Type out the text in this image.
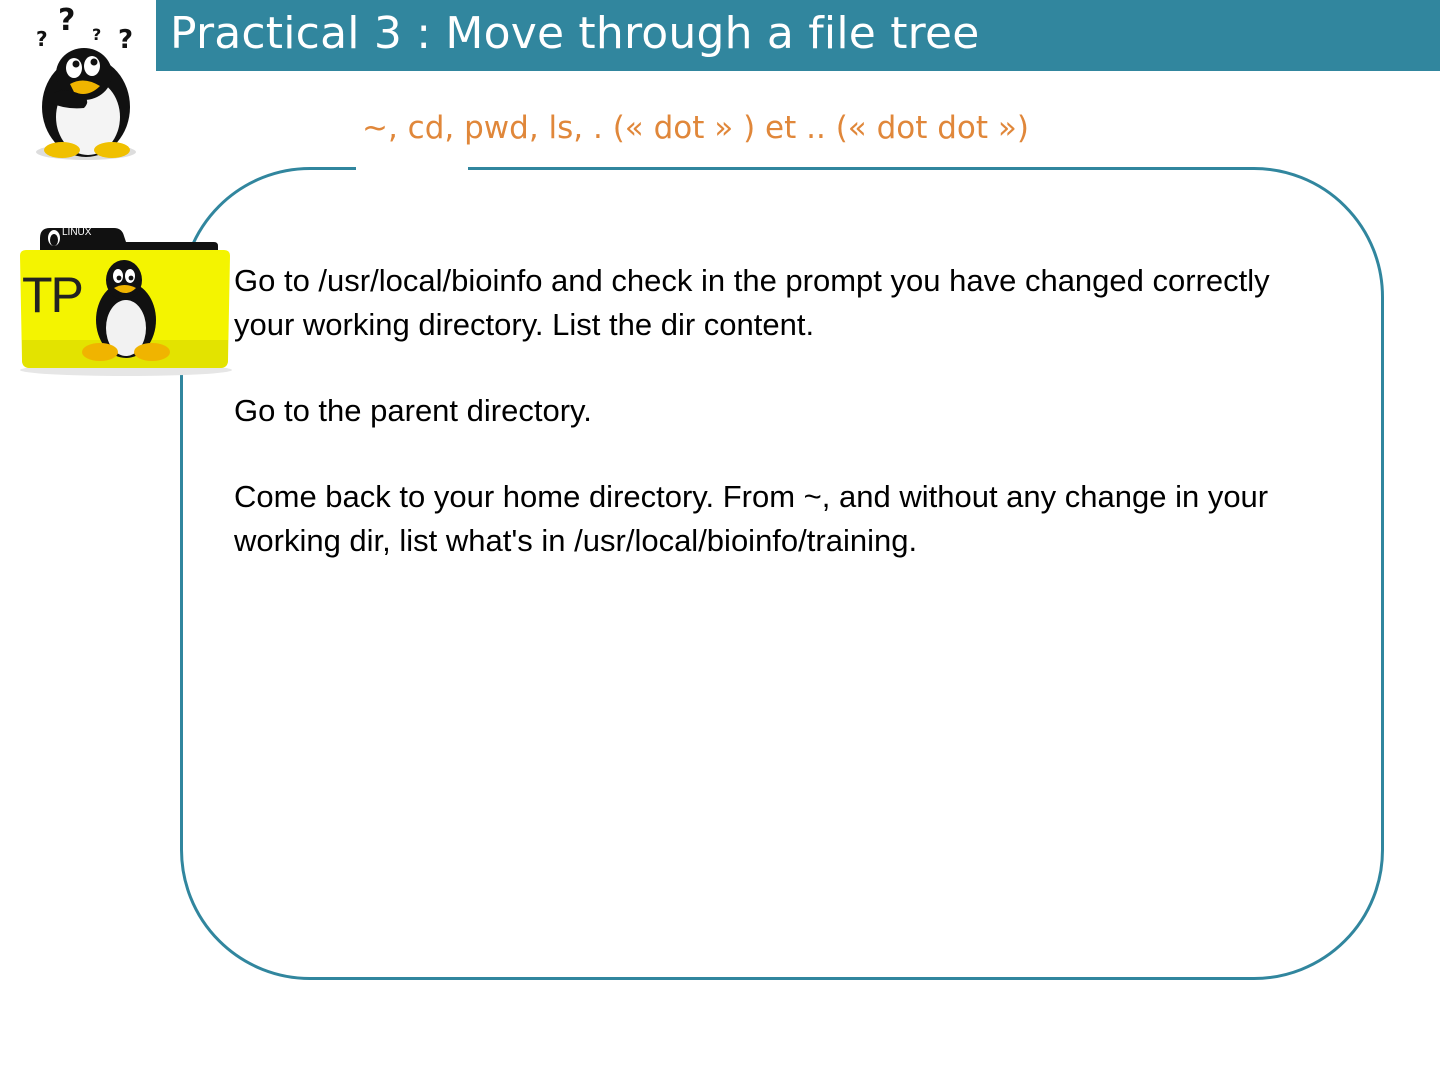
?
? ? ? Practical 3 : Move through a file tree
~, cd, pwd, ls, . (« dot » ) et .. (« dot dot »)
LINUX
TP	Go to /usr/local/bioinfo and check in the prompt you have changed correctly your working directory. List the dir content.

Go to the parent directory.

Come back to your home directory. From ~, and without any change in your working dir, list what's in /usr/local/bioinfo/training.
